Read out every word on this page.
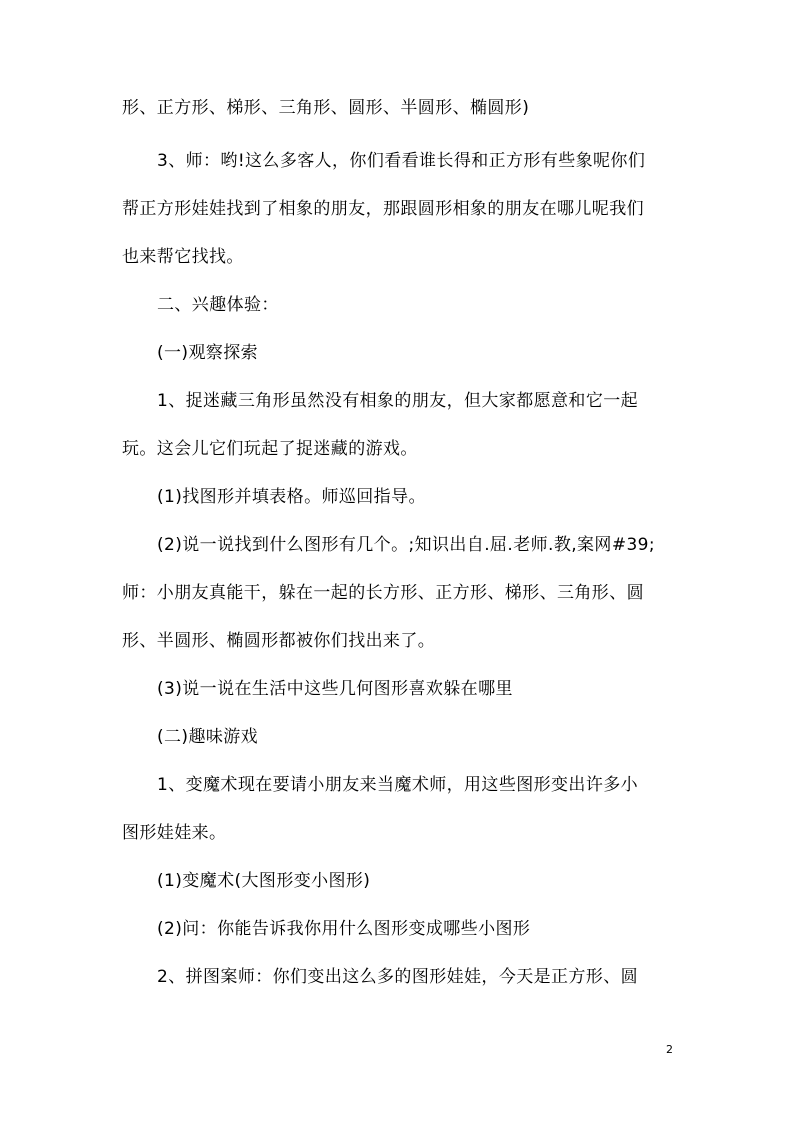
形、正方形、梯形、三角形、圆形、半圆形、椭圆形)
3、师：哟!这么多客人，你们看看谁长得和正方形有些象呢你们
帮正方形娃娃找到了相象的朋友，那跟圆形相象的朋友在哪儿呢我们
也来帮它找找。
二、兴趣体验：
(一)观察探索
1、捉迷藏三角形虽然没有相象的朋友，但大家都愿意和它一起
玩。这会儿它们玩起了捉迷藏的游戏。
(1)找图形并填表格。师巡回指导。
(2)说一说找到什么图形有几个。;知识出自.屈.老师.教,案网#39;
师：小朋友真能干，躲在一起的长方形、正方形、梯形、三角形、圆
形、半圆形、椭圆形都被你们找出来了。
(3)说一说在生活中这些几何图形喜欢躲在哪里
(二)趣味游戏
1、变魔术现在要请小朋友来当魔术师，用这些图形变出许多小
图形娃娃来。
(1)变魔术(大图形变小图形)
(2)问：你能告诉我你用什么图形变成哪些小图形
2、拼图案师：你们变出这么多的图形娃娃，今天是正方形、圆
2
